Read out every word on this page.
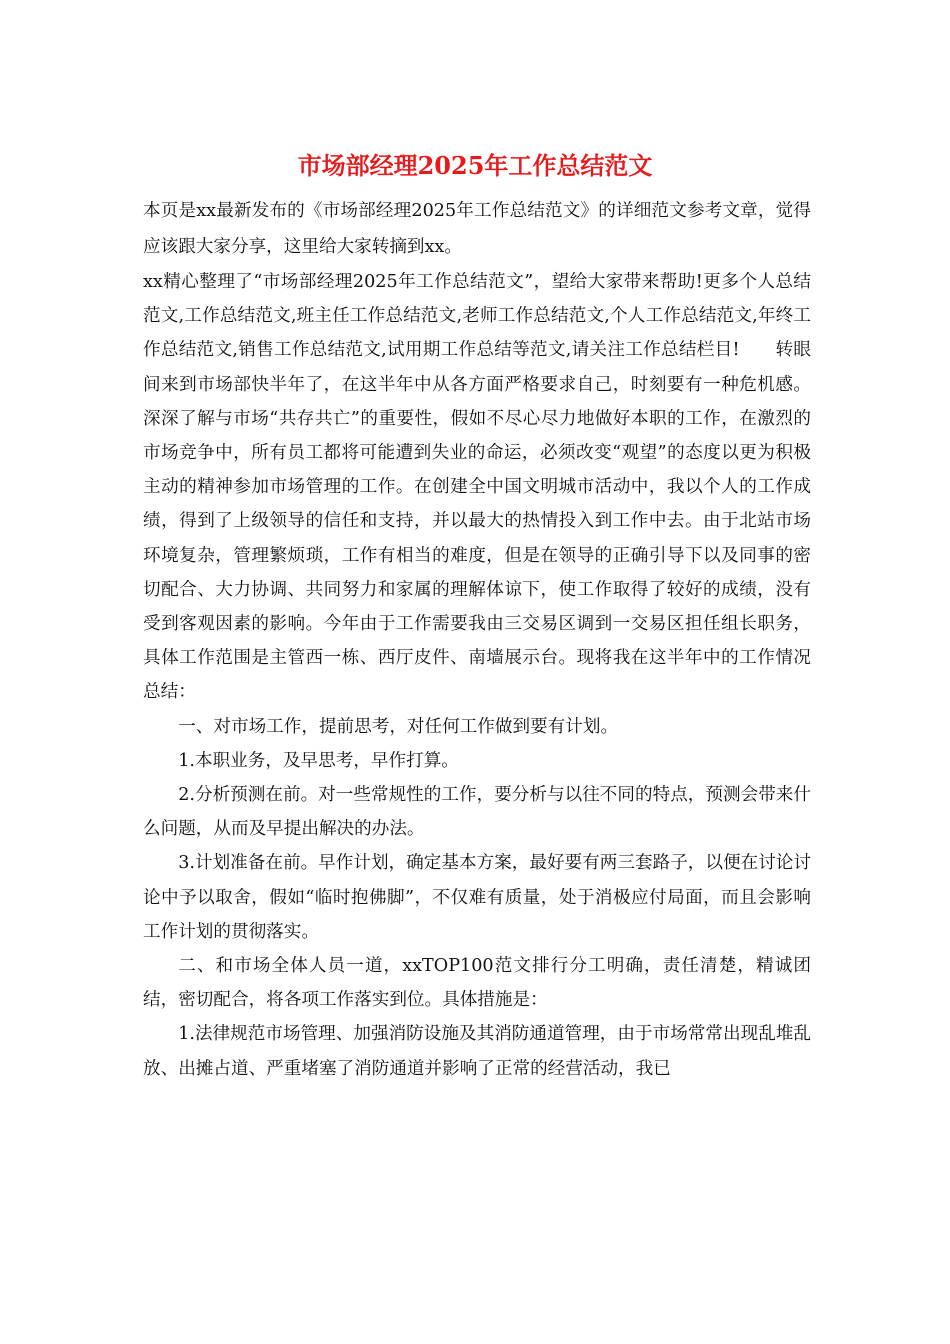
市场部经理2025年工作总结范文

本页是xx最新发布的《市场部经理2025年工作总结范文》的详细范文参考文章，觉得应该跟大家分享，这里给大家转摘到xx。

xx精心整理了“市场部经理2025年工作总结范文”，望给大家带来帮助!更多个人总结范文,工作总结范文,班主任工作总结范文,老师工作总结范文,个人工作总结范文,年终工作总结范文,销售工作总结范文,试用期工作总结等范文,请关注工作总结栏目!　　转眼间来到市场部快半年了，在这半年中从各方面严格要求自己，时刻要有一种危机感。深深了解与市场“共存共亡”的重要性，假如不尽心尽力地做好本职的工作，在激烈的市场竞争中，所有员工都将可能遭到失业的命运，必须改变“观望”的态度以更为积极主动的精神参加市场管理的工作。在创建全中国文明城市活动中，我以个人的工作成绩，得到了上级领导的信任和支持，并以最大的热情投入到工作中去。由于北站市场环境复杂，管理繁烦琐，工作有相当的难度，但是在领导的正确引导下以及同事的密切配合、大力协调、共同努力和家属的理解体谅下，使工作取得了较好的成绩，没有受到客观因素的影响。今年由于工作需要我由三交易区调到一交易区担任组长职务，具体工作范围是主管西一栋、西厅皮件、南墙展示台。现将我在这半年中的工作情况总结：

一、对市场工作，提前思考，对任何工作做到要有计划。

1.本职业务，及早思考，早作打算。

2.分析预测在前。对一些常规性的工作，要分析与以往不同的特点，预测会带来什么问题，从而及早提出解决的办法。

3.计划准备在前。早作计划，确定基本方案，最好要有两三套路子，以便在讨论讨论中予以取舍，假如“临时抱佛脚”，不仅难有质量，处于消极应付局面，而且会影响工作计划的贯彻落实。

二、和市场全体人员一道，xxTOP100范文排行分工明确，责任清楚，精诚团结，密切配合，将各项工作落实到位。具体措施是：

1.法律规范市场管理、加强消防设施及其消防通道管理，由于市场常常出现乱堆乱放、出摊占道、严重堵塞了消防通道并影响了正常的经营活动，我已
